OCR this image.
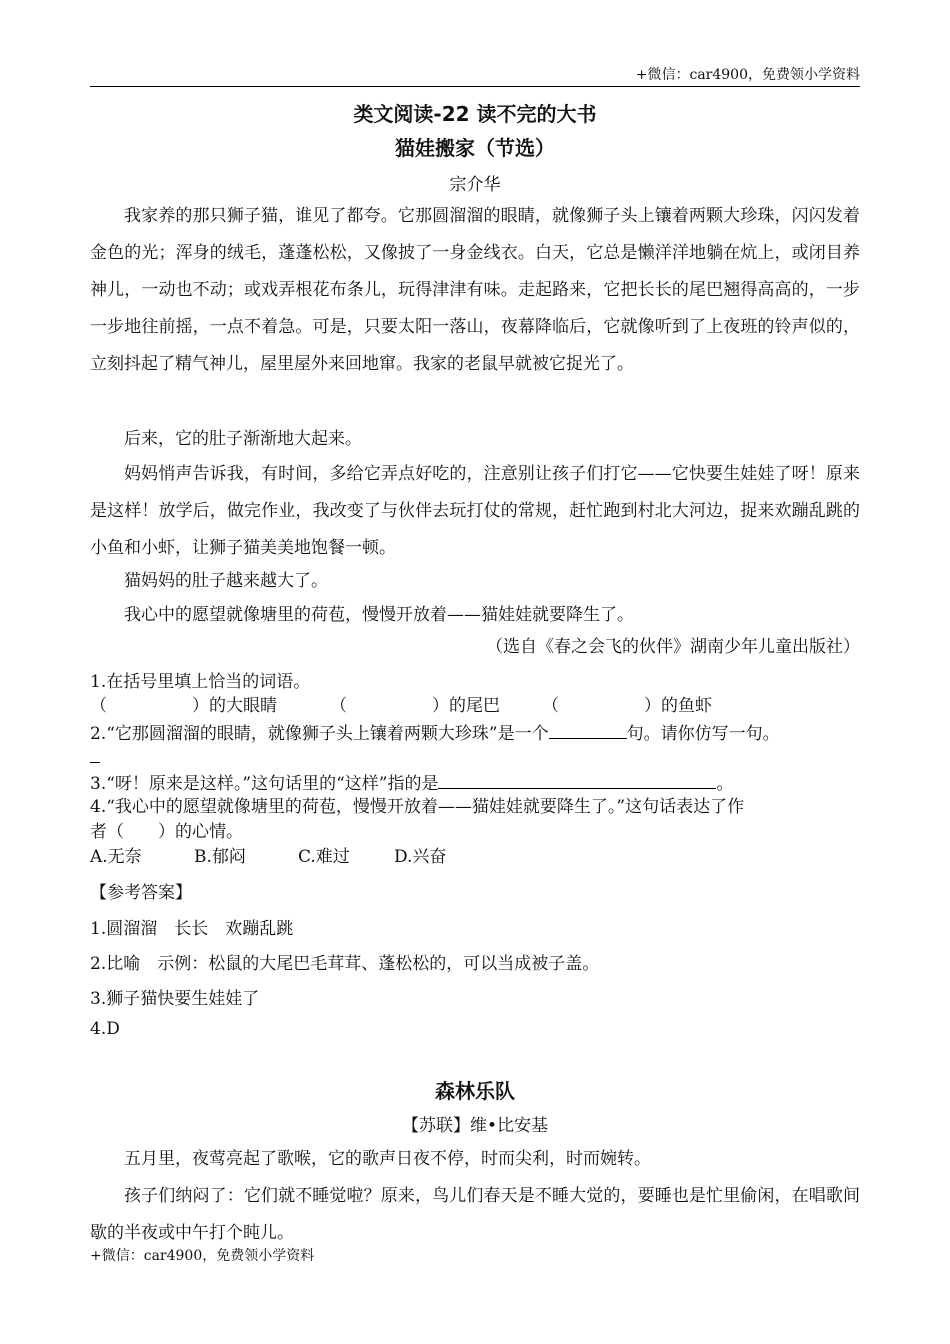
+微信：car4900，免费领小学资料
类文阅读-22 读不完的大书
猫娃搬家（节选）
宗介华

我家养的那只狮子猫，谁见了都夸。它那圆溜溜的眼睛，就像狮子头上镶着两颗大珍珠，闪闪发着金色的光；浑身的绒毛，蓬蓬松松，又像披了一身金线衣。白天，它总是懒洋洋地躺在炕上，或闭目养神儿，一动也不动；或戏弄根花布条儿，玩得津津有味。走起路来，它把长长的尾巴翘得高高的，一步一步地往前摇，一点不着急。可是，只要太阳一落山，夜幕降临后，它就像听到了上夜班的铃声似的，立刻抖起了精气神儿，屋里屋外来回地窜。我家的老鼠早就被它捉光了。

后来，它的肚子渐渐地大起来。

妈妈悄声告诉我，有时间，多给它弄点好吃的，注意别让孩子们打它——它快要生娃娃了呀！原来是这样！放学后，做完作业，我改变了与伙伴去玩打仗的常规，赶忙跑到村北大河边，捉来欢蹦乱跳的小鱼和小虾，让狮子猫美美地饱餐一顿。

猫妈妈的肚子越来越大了。

我心中的愿望就像塘里的荷苞，慢慢开放着——猫娃娃就要降生了。

（选自《春之会飞的伙伴》湖南少年儿童出版社）

1.在括号里填上恰当的词语。

（　　　　　）的大眼睛	（　　　　　）的尾巴 （　　　　　）的鱼虾

2.“它那圆溜溜的眼睛，就像狮子头上镶着两颗大珍珠”是一个	句。请你仿写一句。

3.“呀！原来是这样。”这句话里的“这样”指的是	。

4.“我心中的愿望就像塘里的荷苞，慢慢开放着——猫娃娃就要降生了。”这句话表达了作

者（　　）的心情。

A.无奈	B.郁闷	C.难过	D.兴奋

【参考答案】
1.圆溜溜　长长　欢蹦乱跳
2.比喻　示例：松鼠的大尾巴毛茸茸、蓬松松的，可以当成被子盖。
3.狮子猫快要生娃娃了
4.D
森林乐队
【苏联】维•比安基

五月里，夜莺亮起了歌喉，它的歌声日夜不停，时而尖利，时而婉转。

孩子们纳闷了：它们就不睡觉啦？原来，鸟儿们春天是不睡大觉的，要睡也是忙里偷闲，在唱歌间歇的半夜或中午打个盹儿。

+微信：car4900，免费领小学资料
